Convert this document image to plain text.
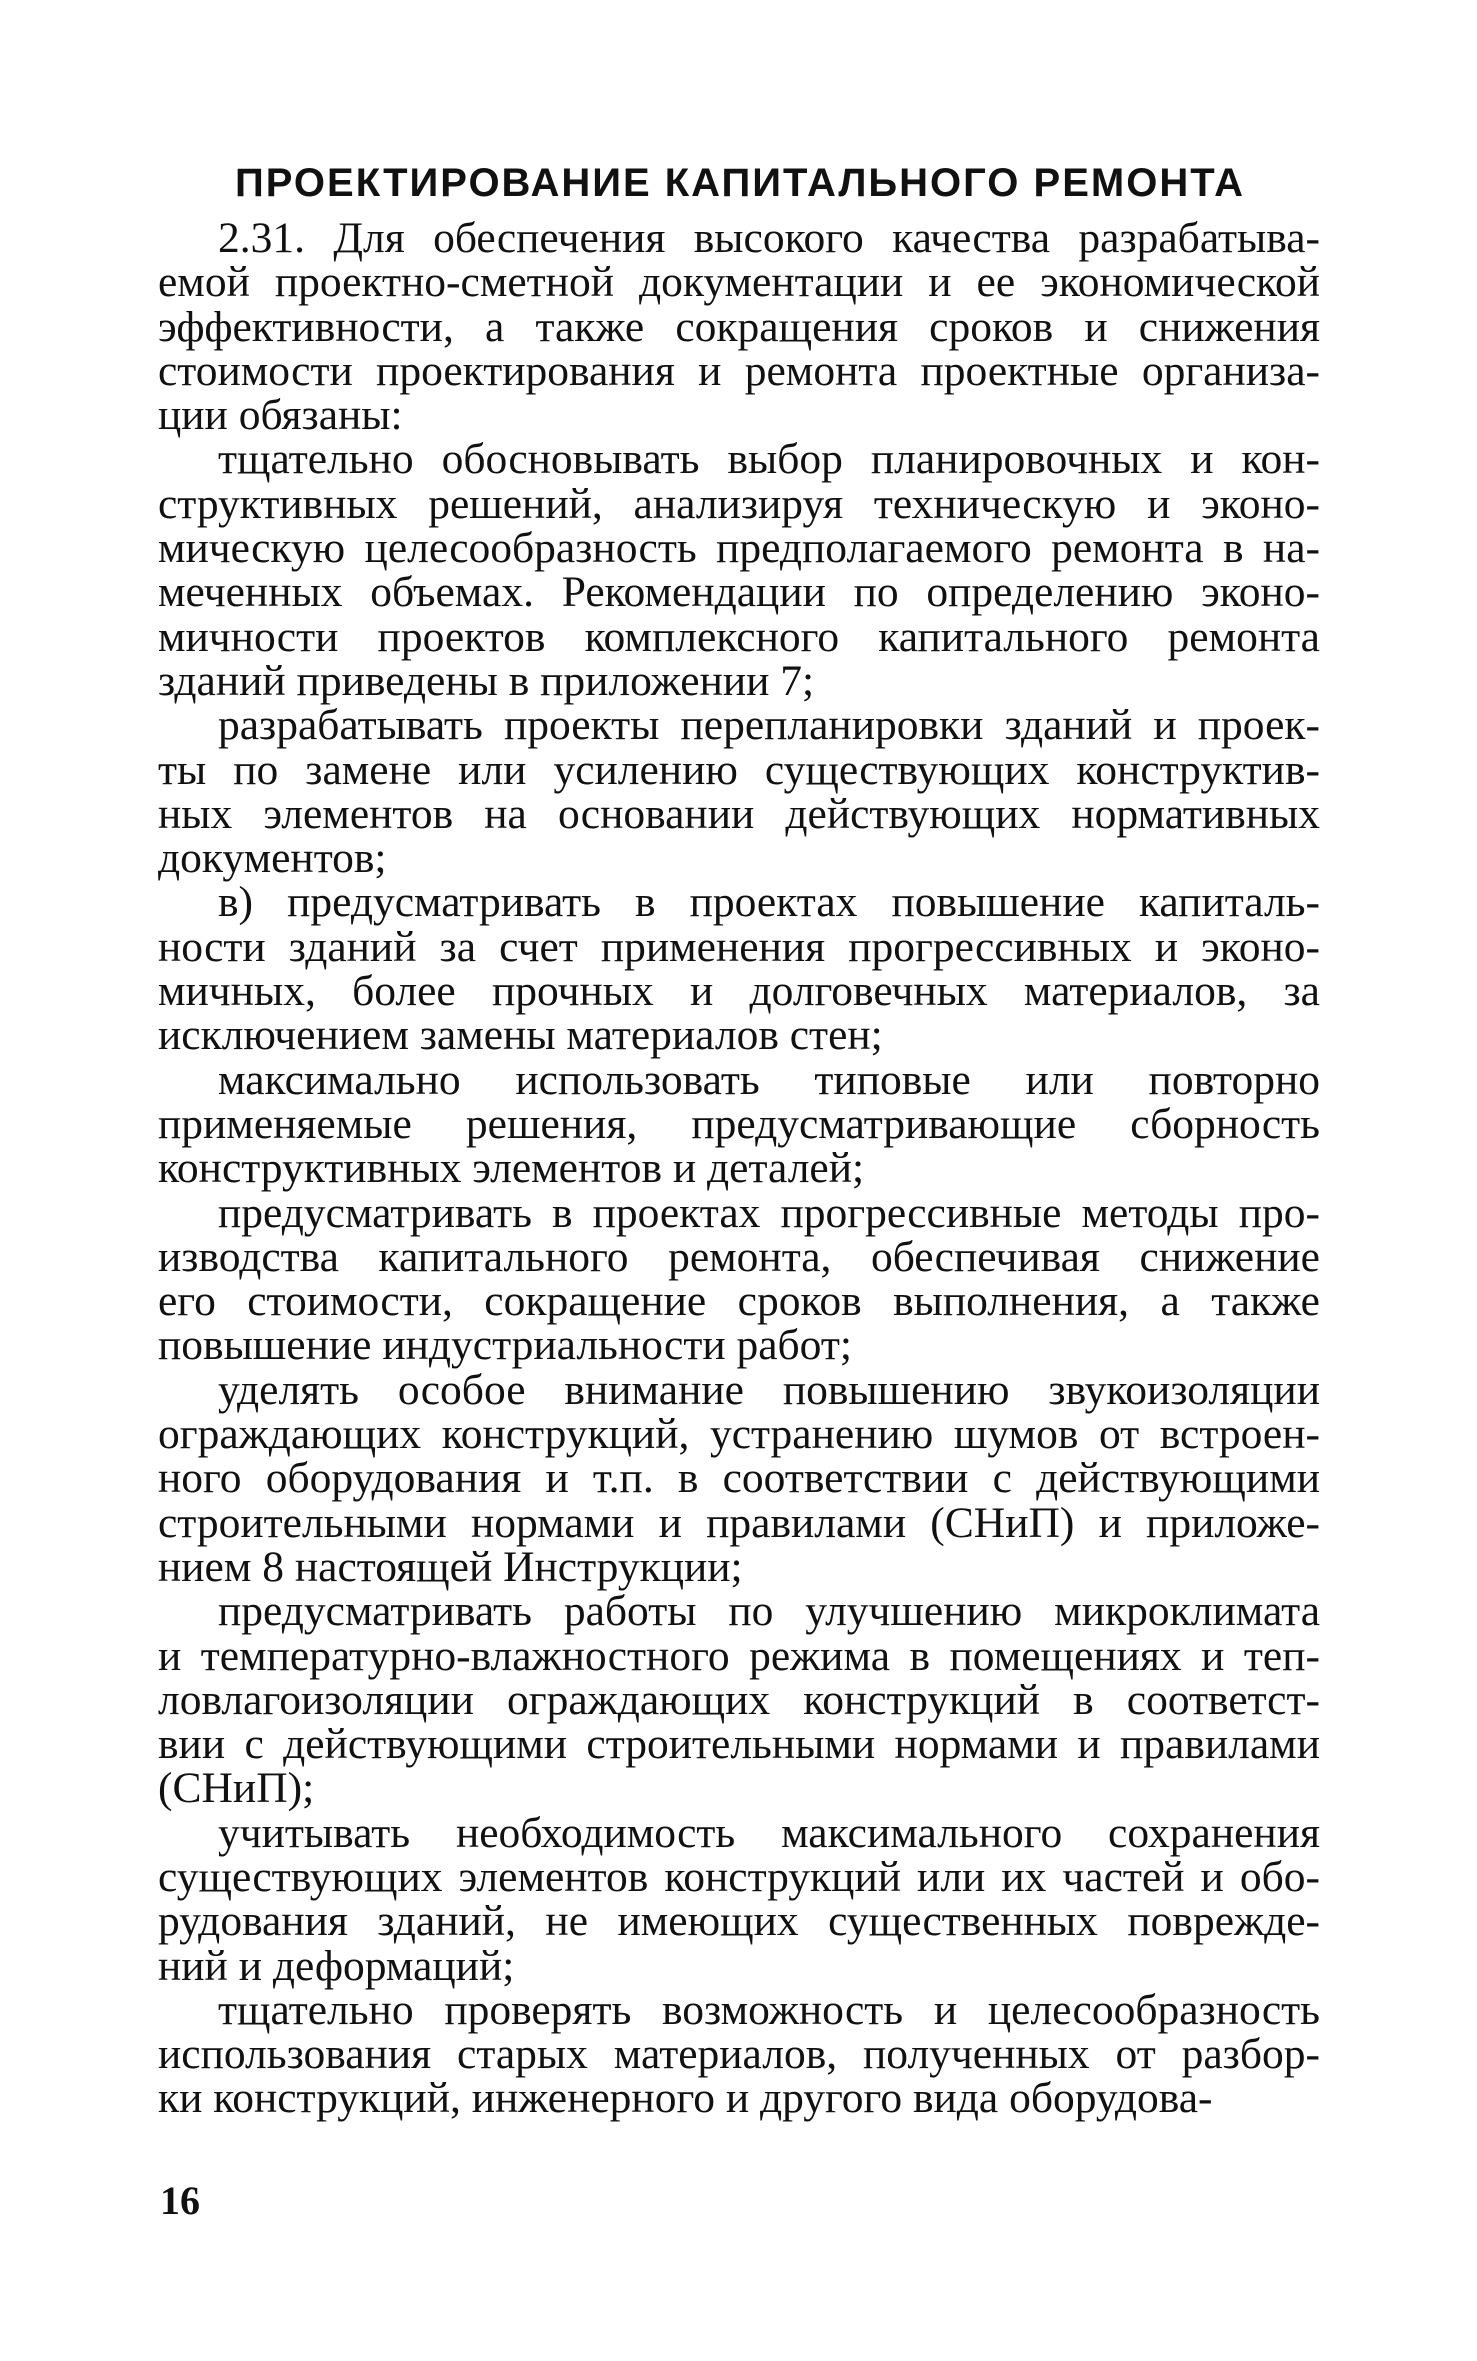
ПРОЕКТИРОВАНИЕ КАПИТАЛЬНОГО РЕМОНТА
2.31. Для обеспечения высокого качества разрабатыва-
емой проектно-сметной документации и ее экономической
эффективности, а также сокращения сроков и снижения
стоимости проектирования и ремонта проектные организа-
ции обязаны:
тщательно обосновывать выбор планировочных и кон-
структивных решений, анализируя техническую и эконо-
мическую целесообразность предполагаемого ремонта в на-
меченных объемах. Рекомендации по определению эконо-
мичности проектов комплексного капитального ремонта
зданий приведены в приложении 7;
разрабатывать проекты перепланировки зданий и проек-
ты по замене или усилению существующих конструктив-
ных элементов на основании действующих нормативных
документов;
в) предусматривать в проектах повышение капиталь-
ности зданий за счет применения прогрессивных и эконо-
мичных, более прочных и долговечных материалов, за
исключением замены материалов стен;
максимально использовать типовые или повторно
применяемые решения, предусматривающие сборность
конструктивных элементов и деталей;
предусматривать в проектах прогрессивные методы про-
изводства капитального ремонта, обеспечивая снижение
его стоимости, сокращение сроков выполнения, а также
повышение индустриальности работ;
уделять особое внимание повышению звукоизоляции
ограждающих конструкций, устранению шумов от встроен-
ного оборудования и т.п. в соответствии с действующими
строительными нормами и правилами (СНиП) и приложе-
нием 8 настоящей Инструкции;
предусматривать работы по улучшению микроклимата
и температурно-влажностного режима в помещениях и теп-
ловлагоизоляции ограждающих конструкций в соответст-
вии с действующими строительными нормами и правилами
(СНиП);
учитывать необходимость максимального сохранения
существующих элементов конструкций или их частей и обо-
рудования зданий, не имеющих существенных поврежде-
ний и деформаций;
тщательно проверять возможность и целесообразность
использования старых материалов, полученных от разбор-
ки конструкций, инженерного и другого вида оборудова-
16
